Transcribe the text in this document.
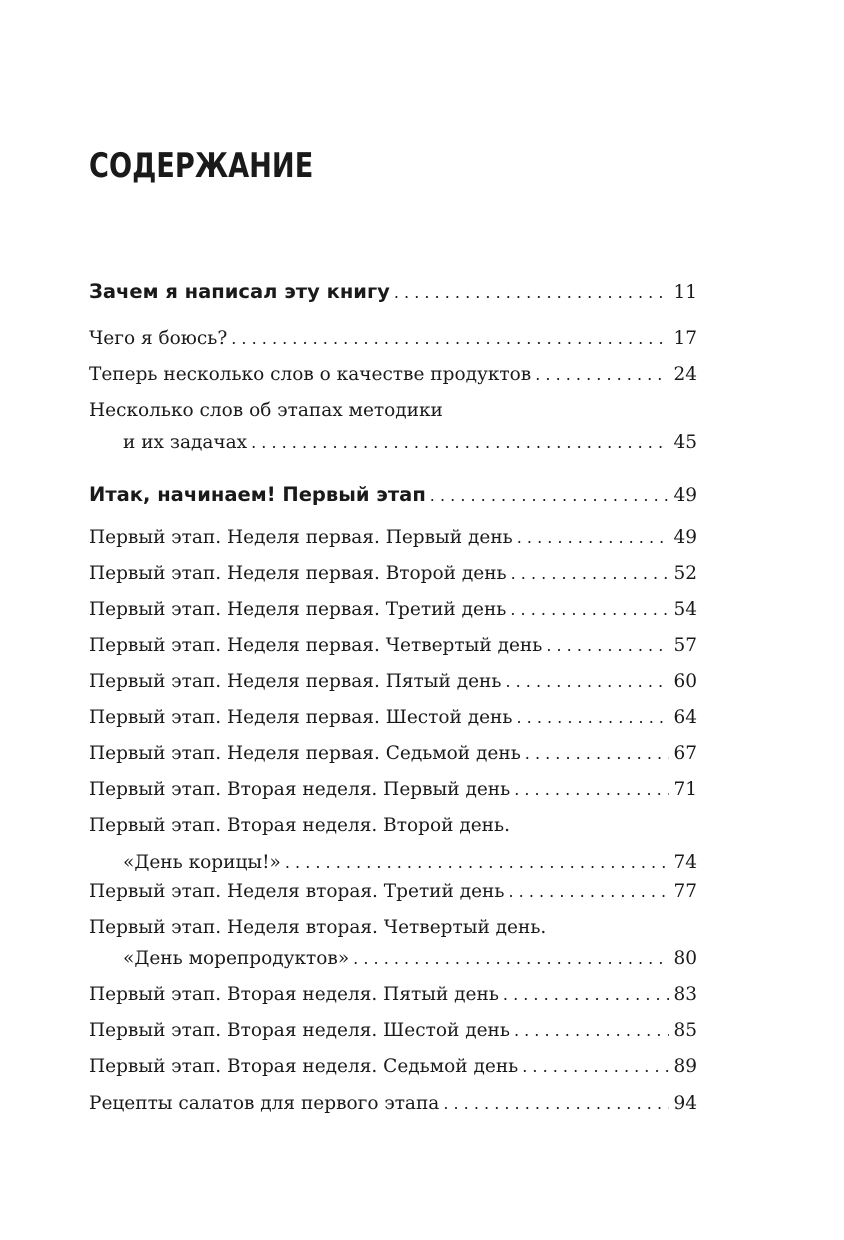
СОДЕРЖАНИЕ
Зачем я написал эту книгу . . .	11
Чего я боюсь? . . .	17
Теперь несколько слов о качестве продуктов . . .	24
Несколько слов об этапах методики
и их задачах . . .	45
Итак, начинаем! Первый этап . . .	49
Первый этап. Неделя первая. Первый день . . .	49
Первый этап. Неделя первая. Второй день . . .	52
Первый этап. Неделя первая. Третий день . . .	54
Первый этап. Неделя первая. Четвертый день . . .	57
Первый этап. Неделя первая. Пятый день . . .	60
Первый этап. Неделя первая. Шестой день . . .	64
Первый этап. Неделя первая. Седьмой день . . .	67
Первый этап. Вторая неделя. Первый день . . .	71
Первый этап. Вторая неделя. Второй день.
«День корицы!» . . .	74
Первый этап. Неделя вторая. Третий день . . .	77
Первый этап. Неделя вторая. Четвертый день.
«День морепродуктов» . . .	80
Первый этап. Вторая неделя. Пятый день . . .	83
Первый этап. Вторая неделя. Шестой день . . .	85
Первый этап. Вторая неделя. Седьмой день . . .	89
Рецепты салатов для первого этапа . . .	94
